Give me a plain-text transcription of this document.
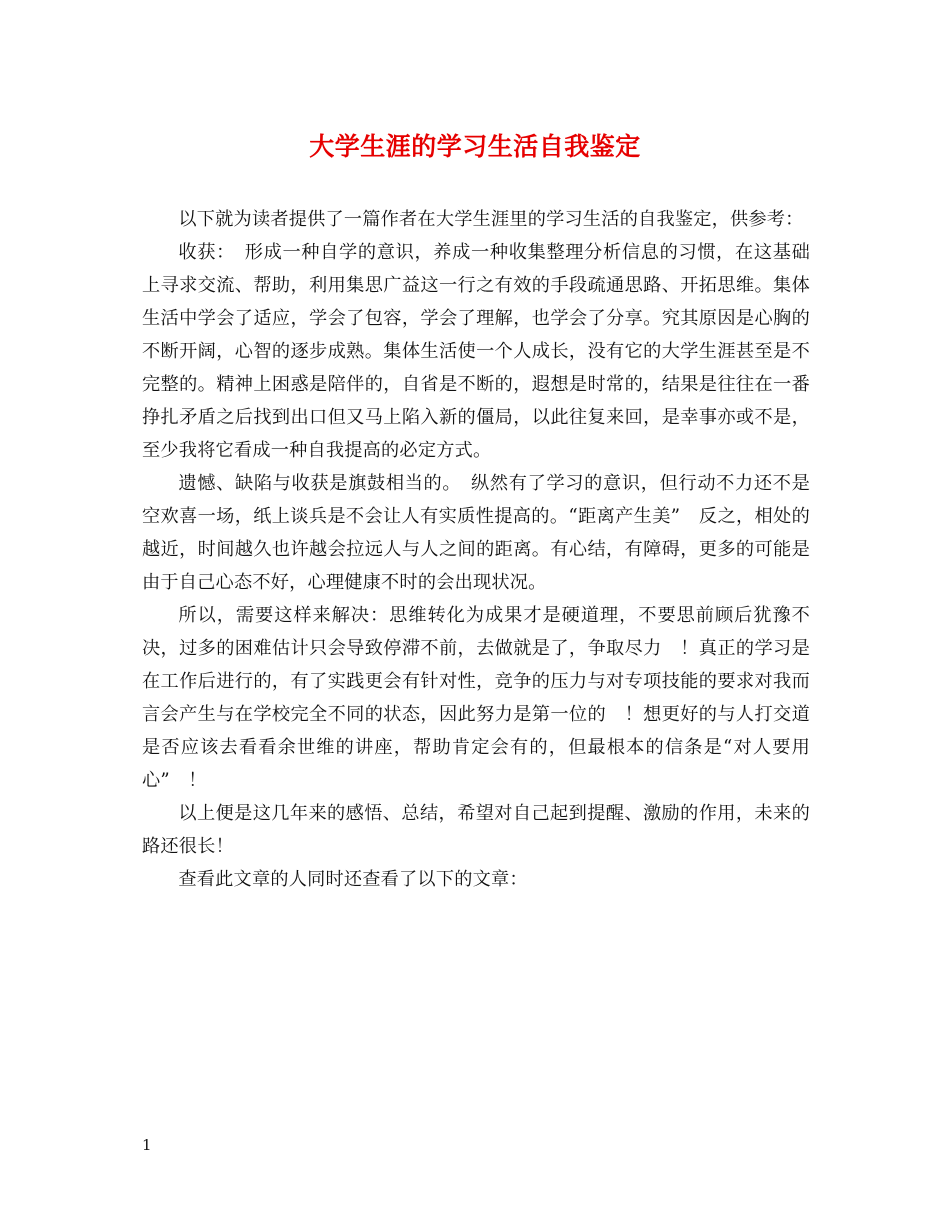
大学生涯的学习生活自我鉴定

以下就为读者提供了一篇作者在大学生涯里的学习生活的自我鉴定，供参考：

收获：　形成一种自学的意识，养成一种收集整理分析信息的习惯，在这基础上寻求交流、帮助，利用集思广益这一行之有效的手段疏通思路、开拓思维。集体生活中学会了适应，学会了包容，学会了理解，也学会了分享。究其原因是心胸的不断开阔，心智的逐步成熟。集体生活使一个人成长，没有它的大学生涯甚至是不完整的。精神上困惑是陪伴的，自省是不断的，遐想是时常的，结果是往往在一番挣扎矛盾之后找到出口但又马上陷入新的僵局，以此往复来回，是幸事亦或不是，至少我将它看成一种自我提高的必定方式。

遗憾、缺陷与收获是旗鼓相当的。　纵然有了学习的意识，但行动不力还不是空欢喜一场，纸上谈兵是不会让人有实质性提高的。“距离产生美”　反之，相处的越近，时间越久也许越会拉远人与人之间的距离。有心结，有障碍，更多的可能是由于自己心态不好，心理健康不时的会出现状况。

所以，需要这样来解决：思维转化为成果才是硬道理，不要思前顾后犹豫不决，过多的困难估计只会导致停滞不前，去做就是了，争取尽力　！真正的学习是在工作后进行的，有了实践更会有针对性，竞争的压力与对专项技能的要求对我而言会产生与在学校完全不同的状态，因此努力是第一位的　！想更好的与人打交道是否应该去看看余世维的讲座，帮助肯定会有的，但最根本的信条是“对人要用心”　！

以上便是这几年来的感悟、总结，希望对自己起到提醒、激励的作用，未来的路还很长！

查看此文章的人同时还查看了以下的文章：

1
